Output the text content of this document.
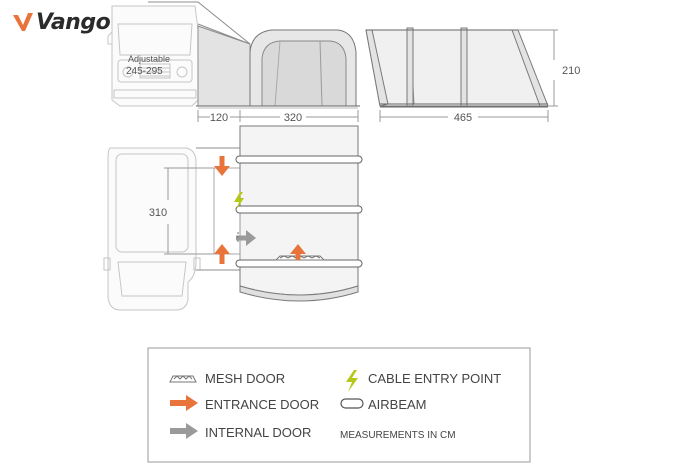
Vango
Adjustable
245-295
120	320
210
465
310
MESH DOOR	CABLE ENTRY POINT
ENTRANCE DOOR	AIRBEAM
INTERNAL DOOR	MEASUREMENTS IN CM
